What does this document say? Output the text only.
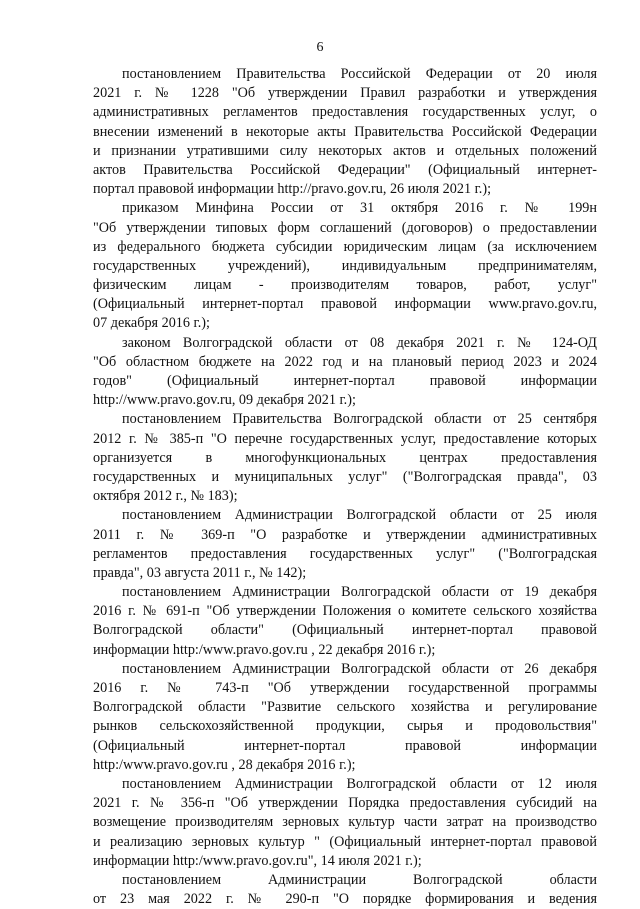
6
постановлением Правительства Российской Федерации от 20 июля
2021 г. № 1228 "Об утверждении Правил разработки и утверждения
административных регламентов предоставления государственных услуг, о
внесении изменений в некоторые акты Правительства Российской Федерации
и признании утратившими силу некоторых актов и отдельных положений
актов Правительства Российской Федерации" (Официальный интернет-
портал правовой информации http://pravo.gov.ru, 26 июля 2021 г.);
приказом Минфина России от 31 октября 2016 г. № 199н
"Об утверждении типовых форм соглашений (договоров) о предоставлении
из федерального бюджета субсидии юридическим лицам (за исключением
государственных учреждений), индивидуальным предпринимателям,
физическим лицам - производителям товаров, работ, услуг"
(Официальный интернет-портал правовой информации www.pravo.gov.ru,
07 декабря 2016 г.);
законом Волгоградской области от 08 декабря 2021 г. № 124-ОД
"Об областном бюджете на 2022 год и на плановый период 2023 и 2024
годов" (Официальный интернет-портал правовой информации
http://www.pravo.gov.ru, 09 декабря 2021 г.);
постановлением Правительства Волгоградской области от 25 сентября
2012 г. № 385-п "О перечне государственных услуг, предоставление которых
организуется в многофункциональных центрах предоставления
государственных и муниципальных услуг" ("Волгоградская правда", 03
октября 2012 г., № 183);
постановлением Администрации Волгоградской области от 25 июля
2011 г. № 369-п "О разработке и утверждении административных
регламентов предоставления государственных услуг" ("Волгоградская
правда", 03 августа 2011 г., № 142);
постановлением Администрации Волгоградской области от 19 декабря
2016 г. № 691-п "Об утверждении Положения о комитете сельского хозяйства
Волгоградской области" (Официальный интернет-портал правовой
информации http:/www.pravo.gov.ru , 22 декабря 2016 г.);
постановлением Администрации Волгоградской области от 26 декабря
2016 г. № 743-п "Об утверждении государственной программы
Волгоградской области "Развитие сельского хозяйства и регулирование
рынков сельскохозяйственной продукции, сырья и продовольствия"
(Официальный интернет-портал правовой информации
http:/www.pravo.gov.ru , 28 декабря 2016 г.);
постановлением Администрации Волгоградской области от 12 июля
2021 г. № 356-п "Об утверждении Порядка предоставления субсидий на
возмещение производителям зерновых культур части затрат на производство
и реализацию зерновых культур " (Официальный интернет-портал правовой
информации http:/www.pravo.gov.ru", 14 июля 2021 г.);
постановлением Администрации Волгоградской области
от 23 мая 2022 г. № 290-п "О порядке формирования и ведения
